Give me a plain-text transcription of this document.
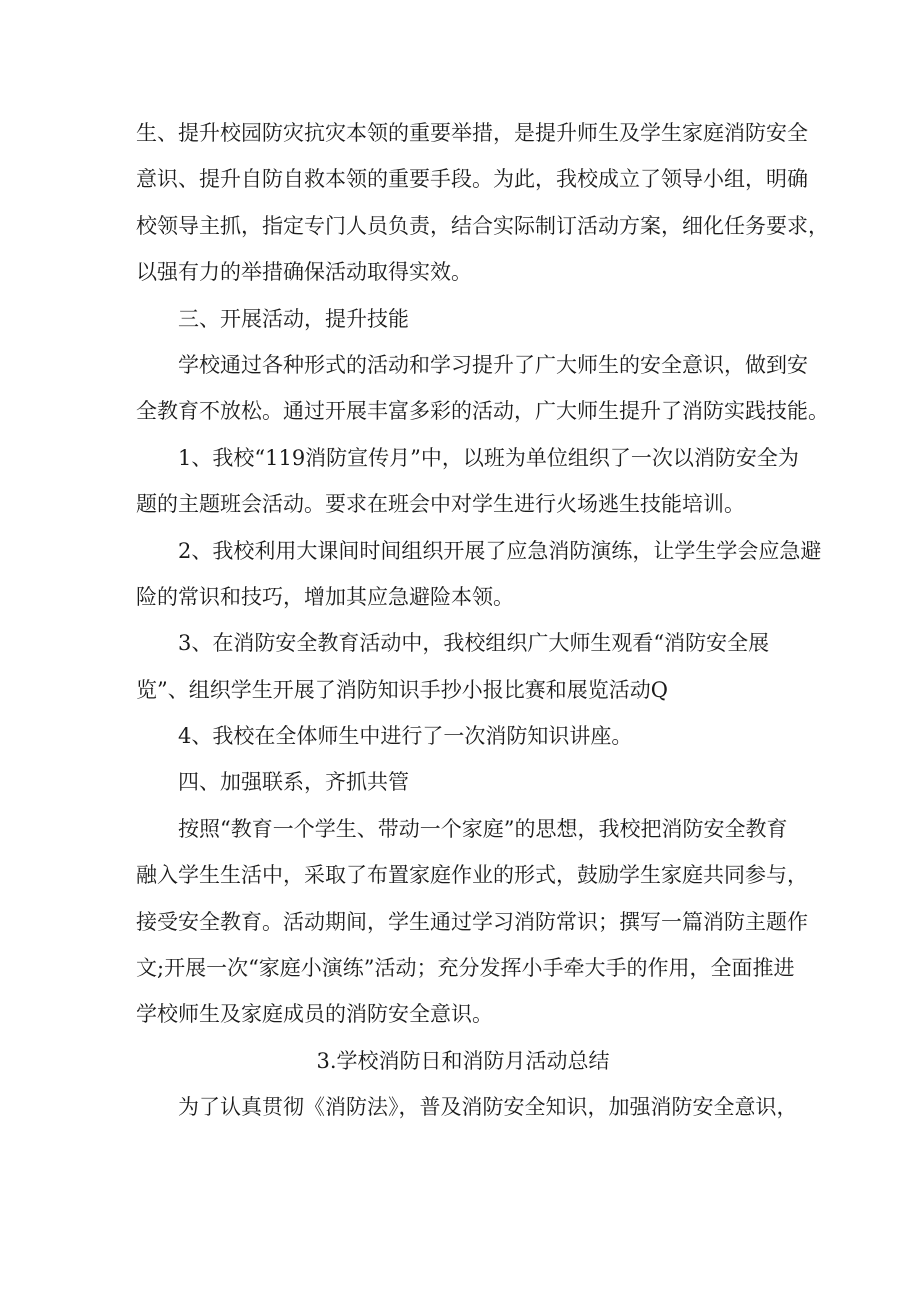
生、提升校园防灾抗灾本领的重要举措，是提升师生及学生家庭消防安全
意识、提升自防自救本领的重要手段。为此，我校成立了领导小组，明确
校领导主抓，指定专门人员负责，结合实际制订活动方案，细化任务要求，
以强有力的举措确保活动取得实效。
三、开展活动，提升技能
学校通过各种形式的活动和学习提升了广大师生的安全意识，做到安
全教育不放松。通过开展丰富多彩的活动，广大师生提升了消防实践技能。
1、我校“119消防宣传月”中，以班为单位组织了一次以消防安全为
题的主题班会活动。要求在班会中对学生进行火场逃生技能培训。
2、我校利用大课间时间组织开展了应急消防演练，让学生学会应急避
险的常识和技巧，增加其应急避险本领。
3、在消防安全教育活动中，我校组织广大师生观看“消防安全展
览”、组织学生开展了消防知识手抄小报比赛和展览活动Q
4、我校在全体师生中进行了一次消防知识讲座。
四、加强联系，齐抓共管
按照“教育一个学生、带动一个家庭”的思想，我校把消防安全教育
融入学生生活中，采取了布置家庭作业的形式，鼓励学生家庭共同参与，
接受安全教育。活动期间，学生通过学习消防常识；撰写一篇消防主题作
文;开展一次“家庭小演练”活动；充分发挥小手牵大手的作用，全面推进
学校师生及家庭成员的消防安全意识。
3.学校消防日和消防月活动总结
为了认真贯彻《消防法》，普及消防安全知识，加强消防安全意识，
